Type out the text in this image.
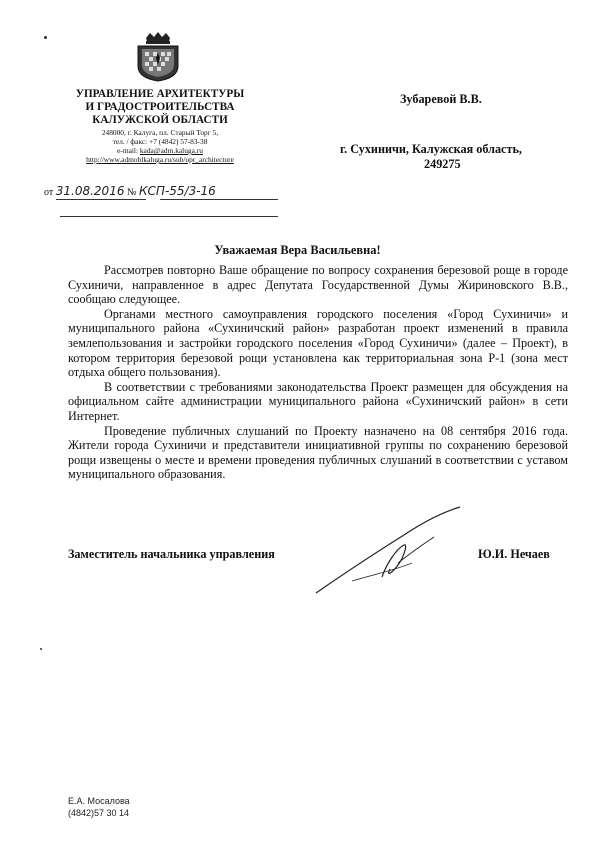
УПРАВЛЕНИЕ АРХИТЕКТУРЫ
И ГРАДОСТРОИТЕЛЬСТВА
КАЛУЖСКОЙ ОБЛАСТИ
248000, г. Калуга, пл. Старый Торг 5,
тел. / факс: +7 (4842) 57-83-38
e-mail: kada@adm.kaluga.ru
http://www.admoblkaluga.ru/sub/upr_architecture
от 31.08.2016 № КСП-55/3-16
Зубаревой В.В.
г. Сухиничи, Калужская область,
249275
Уважаемая Вера Васильевна!

Рассмотрев повторно Ваше обращение по вопросу сохранения березовой роще в городе Сухиничи, направленное в адрес Депутата Государственной Думы Жириновского В.В., сообщаю следующее.

Органами местного самоуправления городского поселения «Город Сухиничи» и муниципального района «Сухиничский район» разработан проект изменений в правила землепользования и застройки городского поселения «Город Сухиничи» (далее – Проект), в котором территория березовой рощи установлена как территориальная зона Р-1 (зона мест отдыха общего пользования).

В соответствии с требованиями законодательства Проект размещен для обсуждения на официальном сайте администрации муниципального района «Сухиничский район» в сети Интернет.

Проведение публичных слушаний по Проекту назначено на 08 сентября 2016 года. Жители города Сухиничи и представители инициативной группы по сохранению березовой рощи извещены о месте и времени проведения публичных слушаний в соответствии с уставом муниципального образования.

Заместитель начальника управления	Ю.И. Нечаев
Е.А. Мосалова
(4842)57 30 14
